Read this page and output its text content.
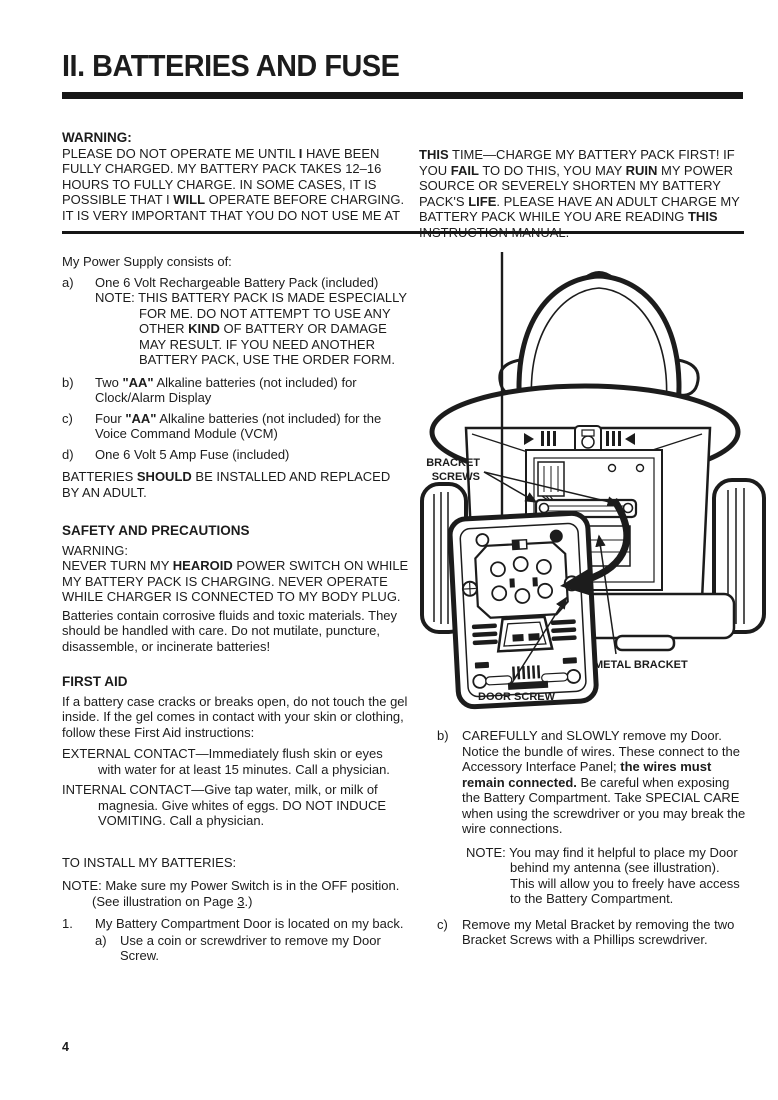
II. BATTERIES AND FUSE

WARNING:

PLEASE DO NOT OPERATE ME UNTIL I HAVE BEEN FULLY CHARGED. MY BATTERY PACK TAKES 12–16 HOURS TO FULLY CHARGE. IN SOME CASES, IT IS POSSIBLE THAT I WILL OPERATE BEFORE CHARGING. IT IS VERY IMPORTANT THAT YOU DO NOT USE ME AT

THIS TIME—CHARGE MY BATTERY PACK FIRST! IF YOU FAIL TO DO THIS, YOU MAY RUIN MY POWER SOURCE OR SEVERELY SHORTEN MY BATTERY PACK'S LIFE. PLEASE HAVE AN ADULT CHARGE MY BATTERY PACK WHILE YOU ARE READING THIS

My Power Supply consists of:

a)	One 6 Volt Rechargeable Battery Pack (included)

NOTE: THIS BATTERY PACK IS MADE ESPECIALLY FOR ME. DO NOT ATTEMPT TO USE ANY OTHER KIND OF BATTERY OR DAMAGE MAY RESULT. IF YOU NEED ANOTHER BATTERY PACK, USE THE ORDER FORM.

b)	Two "AA" Alkaline batteries (not included) for Clock/Alarm Display
c)	Four "AA" Alkaline batteries (not included) for the Voice Command Module (VCM)
d)	One 6 Volt 5 Amp Fuse (included)

BATTERIES SHOULD BE INSTALLED AND REPLACED BY AN ADULT.

SAFETY AND PRECAUTIONS

WARNING:

NEVER TURN MY HEAROID POWER SWITCH ON WHILE MY BATTERY PACK IS CHARGING. NEVER OPERATE WHILE CHARGER IS CONNECTED TO MY BODY PLUG.

Batteries contain corrosive fluids and toxic materials. They should be handled with care. Do not mutilate, puncture, disassemble, or incinerate batteries!

FIRST AID

If a battery case cracks or breaks open, do not touch the gel inside. If the gel comes in contact with your skin or clothing, follow these First Aid instructions:

EXTERNAL CONTACT—Immediately flush skin or eyes with water for at least 15 minutes. Call a physician.

INTERNAL CONTACT—Give tap water, milk, or milk of magnesia. Give whites of eggs. DO NOT INDUCE VOMITING. Call a physician.

TO INSTALL MY BATTERIES:

NOTE: Make sure my Power Switch is in the OFF position. (See illustration on Page 3.)

1.	My Battery Compartment Door is located on my back.
a)	Use a coin or screwdriver to remove my Door Screw.
BRACKET
SCREWS
METAL BRACKET
DOOR SCREW
b)	CAREFULLY and SLOWLY remove my Door. Notice the bundle of wires. These connect to the Accessory Interface Panel; the wires must remain connected. Be careful when exposing the Battery Compartment. Take SPECIAL CARE when using the screwdriver or you may break the wire connections.

NOTE: You may find it helpful to place my Door behind my antenna (see illustration). This will allow you to freely have access to the Battery Compartment.

c)	Remove my Metal Bracket by removing the two Bracket Screws with a Phillips screwdriver.
4
